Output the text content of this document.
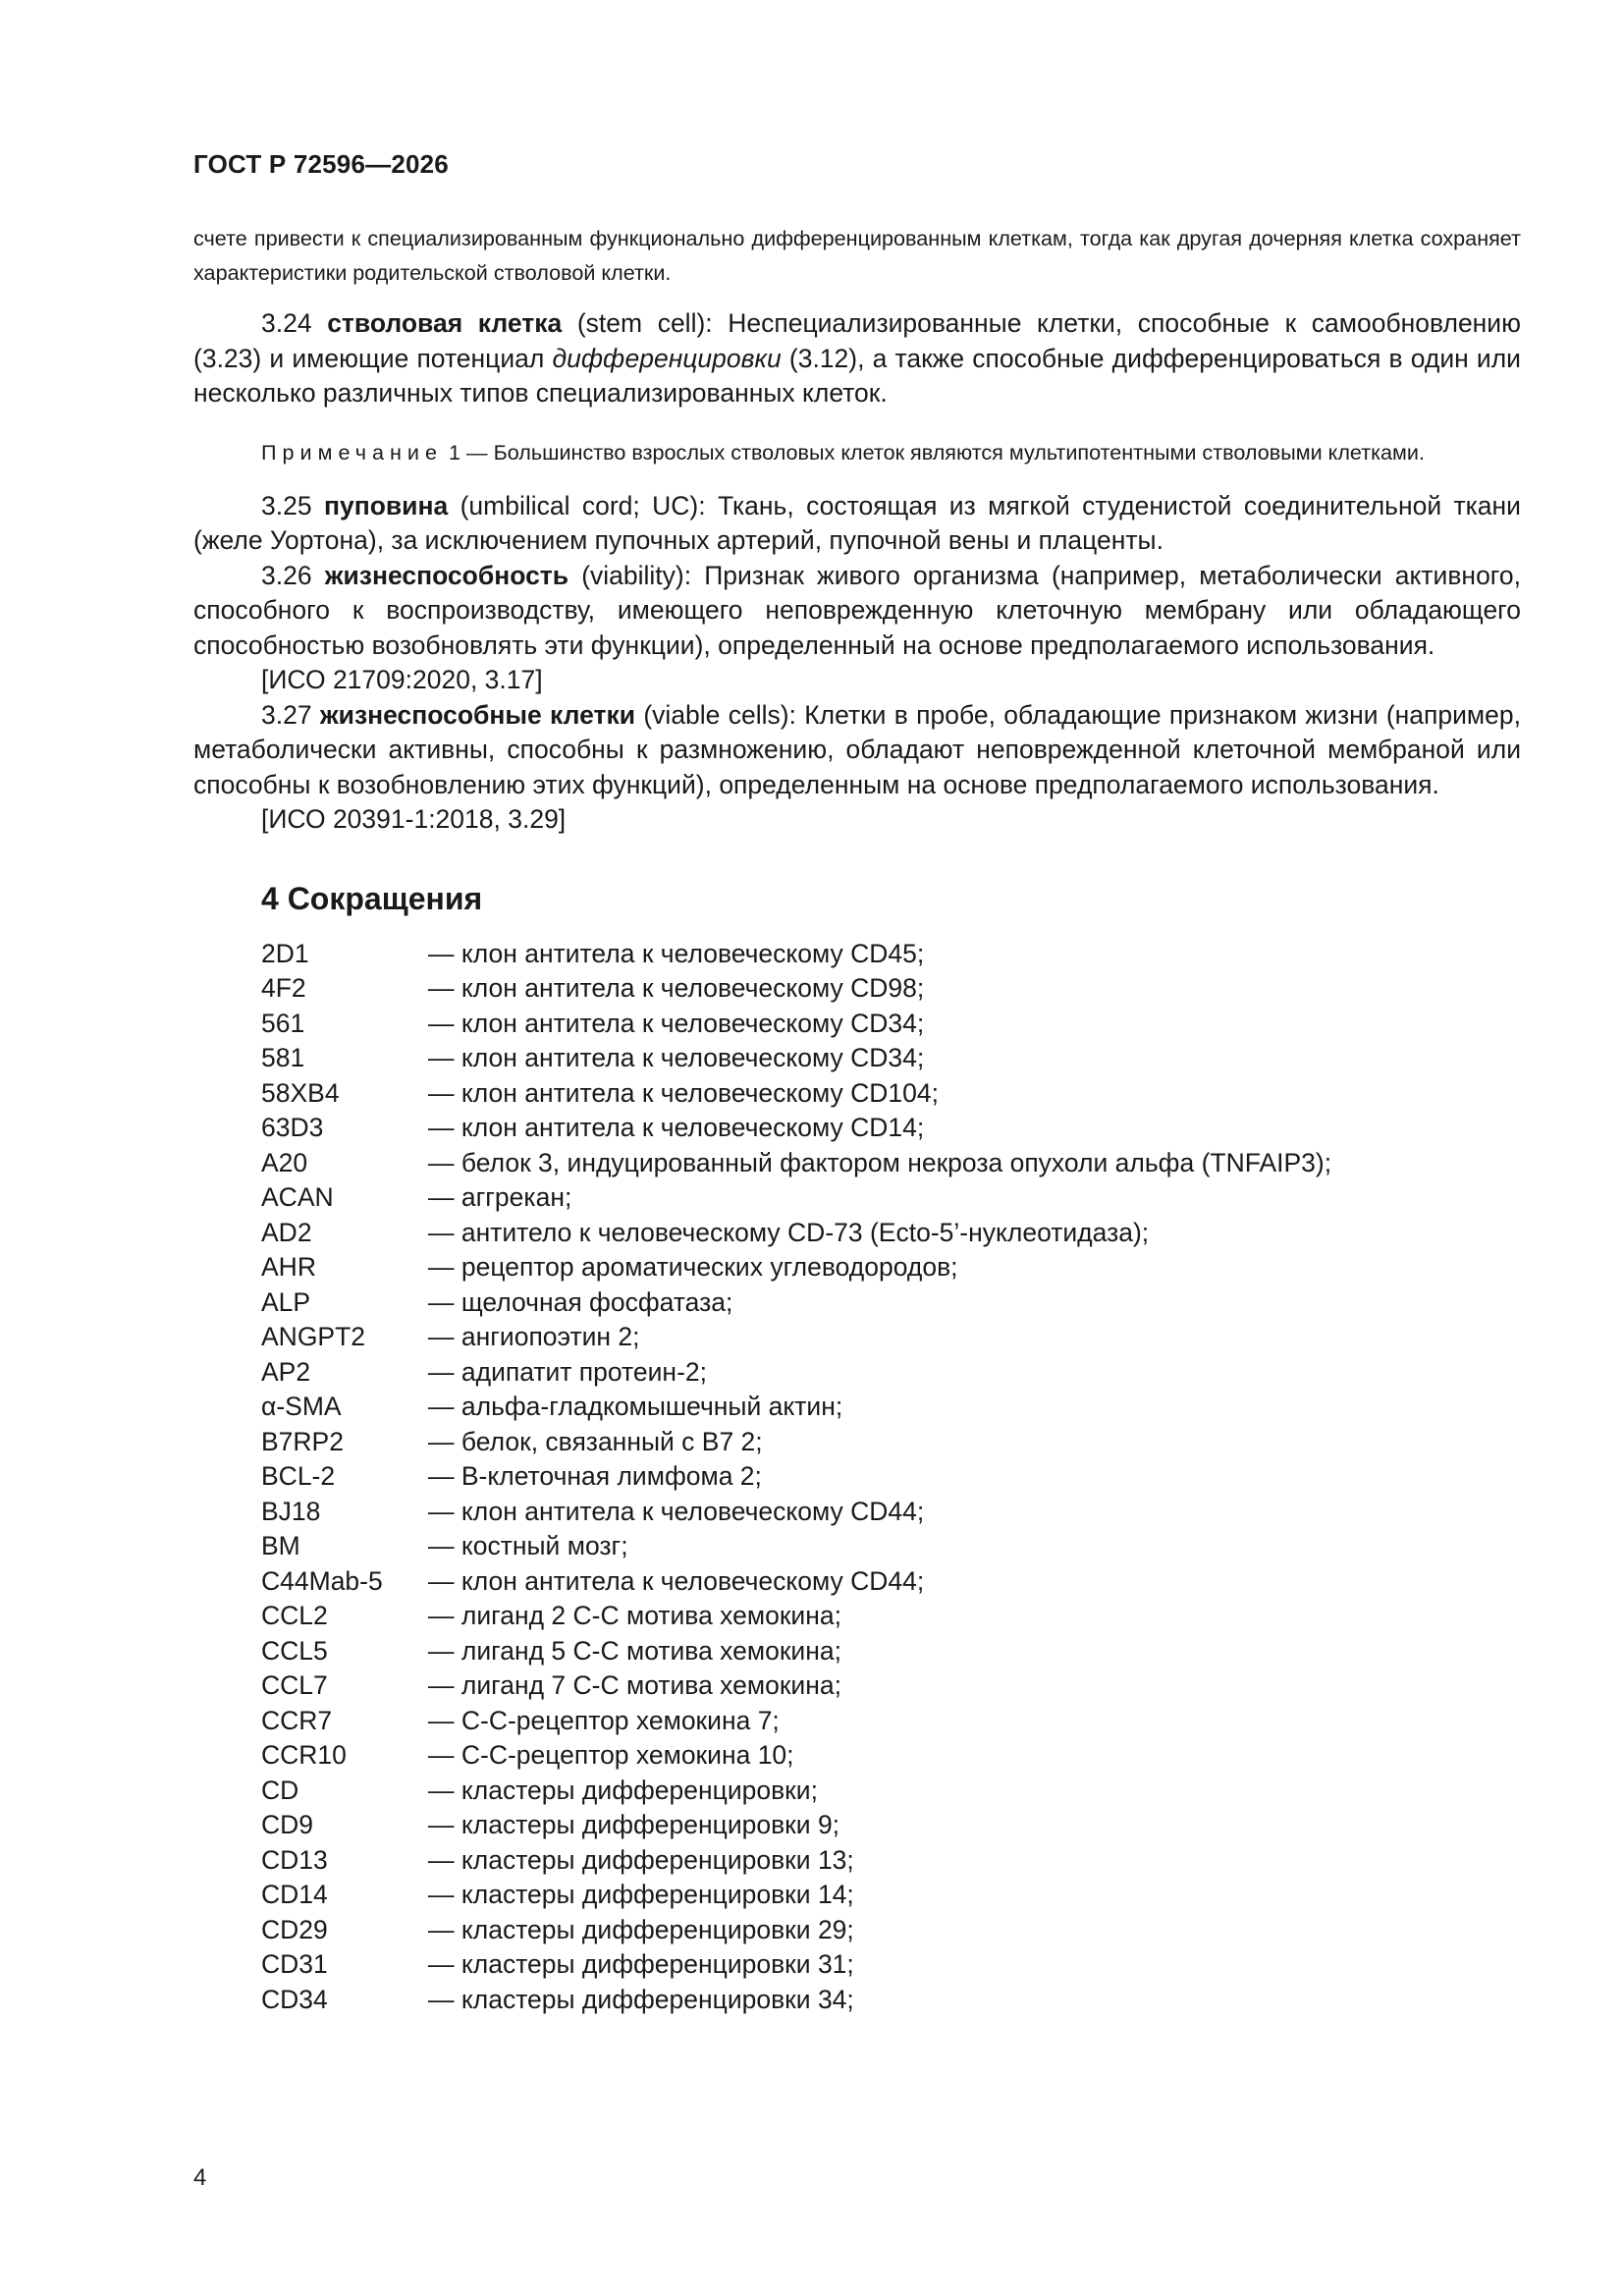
ГОСТ Р 72596—2026

счете привести к специализированным функционально дифференцированным клеткам, тогда как другая дочерняя клетка сохраняет характеристики родительской стволовой клетки.

3.24 стволовая клетка (stem cell): Неспециализированные клетки, способные к самообновлению (3.23) и имеющие потенциал дифференцировки (3.12), а также способные дифференцироваться в один или несколько различных типов специализированных клеток.

Примечание 1 — Большинство взрослых стволовых клеток являются мультипотентными стволовыми клетками.

3.25 пуповина (umbilical cord; UC): Ткань, состоящая из мягкой студенистой соединительной ткани (желе Уортона), за исключением пупочных артерий, пупочной вены и плаценты.

3.26 жизнеспособность (viability): Признак живого организма (например, метаболически активного, способного к воспроизводству, имеющего неповрежденную клеточную мембрану или обладающего способностью возобновлять эти функции), определенный на основе предполагаемого использования.

[ИСО 21709:2020, 3.17]

3.27 жизнеспособные клетки (viable cells): Клетки в пробе, обладающие признаком жизни (например, метаболически активны, способны к размножению, обладают неповрежденной клеточной мембраной или способны к возобновлению этих функций), определенным на основе предполагаемого использования.

[ИСО 20391-1:2018, 3.29]

4 Сокращения
2D1	— клон антитела к человеческому CD45;
4F2	— клон антитела к человеческому CD98;
561	— клон антитела к человеческому CD34;
581	— клон антитела к человеческому CD34;
58XB4	— клон антитела к человеческому CD104;
63D3	— клон антитела к человеческому CD14;
A20	— белок 3, индуцированный фактором некроза опухоли альфа (TNFAIP3);
ACAN	— аггрекан;
AD2	— антитело к человеческому CD-73 (Ecto-5’-нуклеотидаза);
AHR	— рецептор ароматических углеводородов;
ALP	— щелочная фосфатаза;
ANGPT2	— ангиопоэтин 2;
AP2	— адипатит протеин-2;
α-SMA	— альфа-гладкомышечный актин;
B7RP2	— белок, связанный с B7 2;
BCL-2	— B-клеточная лимфома 2;
BJ18	— клон антитела к человеческому CD44;
BM	— костный мозг;
C44Mab-5	— клон антитела к человеческому CD44;
CCL2	— лиганд 2 С-С мотива хемокина;
CCL5	— лиганд 5 С-С мотива хемокина;
CCL7	— лиганд 7 С-С мотива хемокина;
CCR7	— С-С-рецептор хемокина 7;
CCR10	— С-С-рецептор хемокина 10;
CD	— кластеры дифференцировки;
CD9	— кластеры дифференцировки 9;
CD13	— кластеры дифференцировки 13;
CD14	— кластеры дифференцировки 14;
CD29	— кластеры дифференцировки 29;
CD31	— кластеры дифференцировки 31;
CD34	— кластеры дифференцировки 34;
4
